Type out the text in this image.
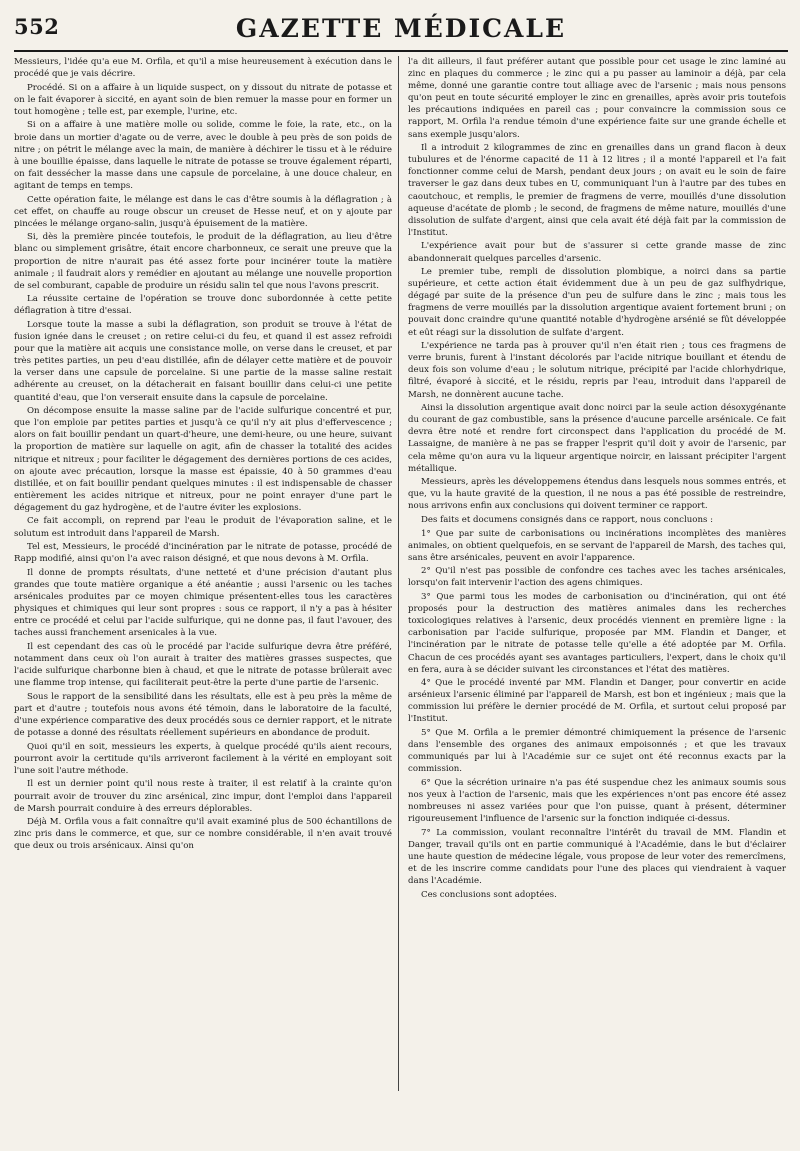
552	GAZETTE MÉDICALE

Messieurs, l'idée qu'a eue M. Orfila, et qu'il a mise heureusement à exécution dans le procédé que je vais décrire.

Procédé. Si on a affaire à un liquide suspect, on y dissout du nitrate de potasse et on le fait évaporer à siccité, en ayant soin de bien remuer la masse pour en former un tout homogène ; telle est, par exemple, l'urine, etc.

Si on a affaire à une matière molle ou solide, comme le foie, la rate, etc., on la broie dans un mortier d'agate ou de verre, avec le double à peu près de son poids de nitre ; on pétrit le mélange avec la main, de manière à déchirer le tissu et à le réduire à une bouillie épaisse, dans laquelle le nitrate de potasse se trouve également réparti, on fait dessécher la masse dans une capsule de porcelaine, à une douce chaleur, en agitant de temps en temps.

Cette opération faite, le mélange est dans le cas d'être soumis à la déflagration ; à cet effet, on chauffe au rouge obscur un creuset de Hesse neuf, et on y ajoute par pincées le mélange organo-salin, jusqu'à épuisement de la matière.

Si, dès la première pincée toutefois, le produit de la déflagration, au lieu d'être blanc ou simplement grisâtre, était encore charbonneux, ce serait une preuve que la proportion de nitre n'aurait pas été assez forte pour incinérer toute la matière animale ; il faudrait alors y remédier en ajoutant au mélange une nouvelle proportion de sel comburant, capable de produire un résidu salin tel que nous l'avons prescrit.

La réussite certaine de l'opération se trouve donc subordonnée à cette petite déflagration à titre d'essai.

Lorsque toute la masse a subi la déflagration, son produit se trouve à l'état de fusion ignée dans le creuset ; on retire celui-ci du feu, et quand il est assez refroidi pour que la matière ait acquis une consistance molle, on verse dans le creuset, et par très petites parties, un peu d'eau distillée, afin de délayer cette matière et de pouvoir la verser dans une capsule de porcelaine. Si une partie de la masse saline restait adhérente au creuset, on la détacherait en faisant bouillir dans celui-ci une petite quantité d'eau, que l'on verserait ensuite dans la capsule de porcelaine.

On décompose ensuite la masse saline par de l'acide sulfurique concentré et pur, que l'on emploie par petites parties et jusqu'à ce qu'il n'y ait plus d'effervescence ; alors on fait bouillir pendant un quart-d'heure, une demi-heure, ou une heure, suivant la proportion de matière sur laquelle on agit, afin de chasser la totalité des acides nitrique et nitreux ; pour faciliter le dégagement des dernières portions de ces acides, on ajoute avec précaution, lorsque la masse est épaissie, 40 à 50 grammes d'eau distillée, et on fait bouillir pendant quelques minutes : il est indispensable de chasser entièrement les acides nitrique et nitreux, pour ne point enrayer d'une part le dégagement du gaz hydrogène, et de l'autre éviter les explosions.

Ce fait accompli, on reprend par l'eau le produit de l'évaporation saline, et le solutum est introduit dans l'appareil de Marsh.

Tel est, Messieurs, le procédé d'incinération par le nitrate de potasse, procédé de Rapp modifié, ainsi qu'on l'a avec raison désigné, et que nous devons à M. Orfila.

Il donne de prompts résultats, d'une netteté et d'une précision d'autant plus grandes que toute matière organique a été anéantie ; aussi l'arsenic ou les taches arsénicales produites par ce moyen chimique présentent-elles tous les caractères physiques et chimiques qui leur sont propres : sous ce rapport, il n'y a pas à hésiter entre ce procédé et celui par l'acide sulfurique, qui ne donne pas, il faut l'avouer, des taches aussi franchement arsenicales à la vue.

Il est cependant des cas où le procédé par l'acide sulfurique devra être préféré, notamment dans ceux où l'on aurait à traiter des matières grasses suspectes, que l'acide sulfurique charbonne bien à chaud, et que le nitrate de potasse brûlerait avec une flamme trop intense, qui faciliterait peut-être la perte d'une partie de l'arsenic.

Sous le rapport de la sensibilité dans les résultats, elle est à peu près la même de part et d'autre ; toutefois nous avons été témoin, dans le laboratoire de la faculté, d'une expérience comparative des deux procédés sous ce dernier rapport, et le nitrate de potasse a donné des résultats réellement supérieurs en abondance de produit.

Quoi qu'il en soit, messieurs les experts, à quelque procédé qu'ils aient recours, pourront avoir la certitude qu'ils arriveront facilement à la vérité en employant soit l'une soit l'autre méthode.

Il est un dernier point qu'il nous reste à traiter, il est relatif à la crainte qu'on pourrait avoir de trouver du zinc arsénical, zinc impur, dont l'emploi dans l'appareil de Marsh pourrait conduire à des erreurs déplorables.

Déjà M. Orfila vous a fait connaître qu'il avait examiné plus de 500 échantillons de zinc pris dans le commerce, et que, sur ce nombre considérable, il n'en avait trouvé que deux ou trois arsénicaux. Ainsi qu'on

l'a dit ailleurs, il faut préférer autant que possible pour cet usage le zinc laminé au zinc en plaques du commerce ; le zinc qui a pu passer au laminoir a déjà, par cela même, donné une garantie contre tout alliage avec de l'arsenic ; mais nous pensons qu'on peut en toute sécurité employer le zinc en grenailles, après avoir pris toutefois les précautions indiquées en pareil cas ; pour convaincre la commission sous ce rapport, M. Orfila l'a rendue témoin d'une expérience faite sur une grande échelle et sans exemple jusqu'alors.

Il a introduit 2 kilogrammes de zinc en grenailles dans un grand flacon à deux tubulures et de l'énorme capacité de 11 à 12 litres ; il a monté l'appareil et l'a fait fonctionner comme celui de Marsh, pendant deux jours ; on avait eu le soin de faire traverser le gaz dans deux tubes en U, communiquant l'un à l'autre par des tubes en caoutchouc, et remplis, le premier de fragmens de verre, mouillés d'une dissolution aqueuse d'acétate de plomb ; le second, de fragmens de même nature, mouillés d'une dissolution de sulfate d'argent, ainsi que cela avait été déjà fait par la commission de l'Institut.

L'expérience avait pour but de s'assurer si cette grande masse de zinc abandonnerait quelques parcelles d'arsenic.

Le premier tube, rempli de dissolution plombique, a noirci dans sa partie supérieure, et cette action était évidemment due à un peu de gaz sulfhydrique, dégagé par suite de la présence d'un peu de sulfure dans le zinc ; mais tous les fragmens de verre mouillés par la dissolution argentique avaient fortement bruni ; on pouvait donc craindre qu'une quantité notable d'hydrogène arsénié se fût développée et eût réagi sur la dissolution de sulfate d'argent.

L'expérience ne tarda pas à prouver qu'il n'en était rien ; tous ces fragmens de verre brunis, furent à l'instant décolorés par l'acide nitrique bouillant et étendu de deux fois son volume d'eau ; le solutum nitrique, précipité par l'acide chlorhydrique, filtré, évaporé à siccité, et le résidu, repris par l'eau, introduit dans l'appareil de Marsh, ne donnèrent aucune tache.

Ainsi la dissolution argentique avait donc noirci par la seule action désoxygénante du courant de gaz combustible, sans la présence d'aucune parcelle arsénicale. Ce fait devra être noté et rendre fort circonspect dans l'application du procédé de M. Lassaigne, de manière à ne pas se frapper l'esprit qu'il doit y avoir de l'arsenic, par cela même qu'on aura vu la liqueur argentique noircir, en laissant précipiter l'argent métallique.

Messieurs, après les développemens étendus dans lesquels nous sommes entrés, et que, vu la haute gravité de la question, il ne nous a pas été possible de restreindre, nous arrivons enfin aux conclusions qui doivent terminer ce rapport.

Des faits et documens consignés dans ce rapport, nous concluons :

1° Que par suite de carbonisations ou incinérations incomplètes des manières animales, on obtient quelquefois, en se servant de l'appareil de Marsh, des taches qui, sans être arsénicales, peuvent en avoir l'apparence.

2° Qu'il n'est pas possible de confondre ces taches avec les taches arsénicales, lorsqu'on fait intervenir l'action des agens chimiques.

3° Que parmi tous les modes de carbonisation ou d'incinération, qui ont été proposés pour la destruction des matières animales dans les recherches toxicologiques relatives à l'arsenic, deux procédés viennent en première ligne : la carbonisation par l'acide sulfurique, proposée par MM. Flandin et Danger, et l'incinération par le nitrate de potasse telle qu'elle a été adoptée par M. Orfila. Chacun de ces procédés ayant ses avantages particuliers, l'expert, dans le choix qu'il en fera, aura à se décider suivant les circonstances et l'état des matières.

4° Que le procédé inventé par MM. Flandin et Danger, pour convertir en acide arsénieux l'arsenic éliminé par l'appareil de Marsh, est bon et ingénieux ; mais que la commission lui préfère le dernier procédé de M. Orfila, et surtout celui proposé par l'Institut.

5° Que M. Orfila a le premier démontré chimiquement la présence de l'arsenic dans l'ensemble des organes des animaux empoisonnés ; et que les travaux communiqués par lui à l'Académie sur ce sujet ont été reconnus exacts par la commission.

6° Que la sécrétion urinaire n'a pas été suspendue chez les animaux soumis sous nos yeux à l'action de l'arsenic, mais que les expériences n'ont pas encore été assez nombreuses ni assez variées pour que l'on puisse, quant à présent, déterminer rigoureusement l'influence de l'arsenic sur la fonction indiquée ci-dessus.

7° La commission, voulant reconnaître l'intérêt du travail de MM. Flandin et Danger, travail qu'ils ont en partie communiqué à l'Académie, dans le but d'éclairer une haute question de médecine légale, vous propose de leur voter des remercîmens, et de les inscrire comme candidats pour l'une des places qui viendraient à vaquer dans l'Académie.

Ces conclusions sont adoptées.
